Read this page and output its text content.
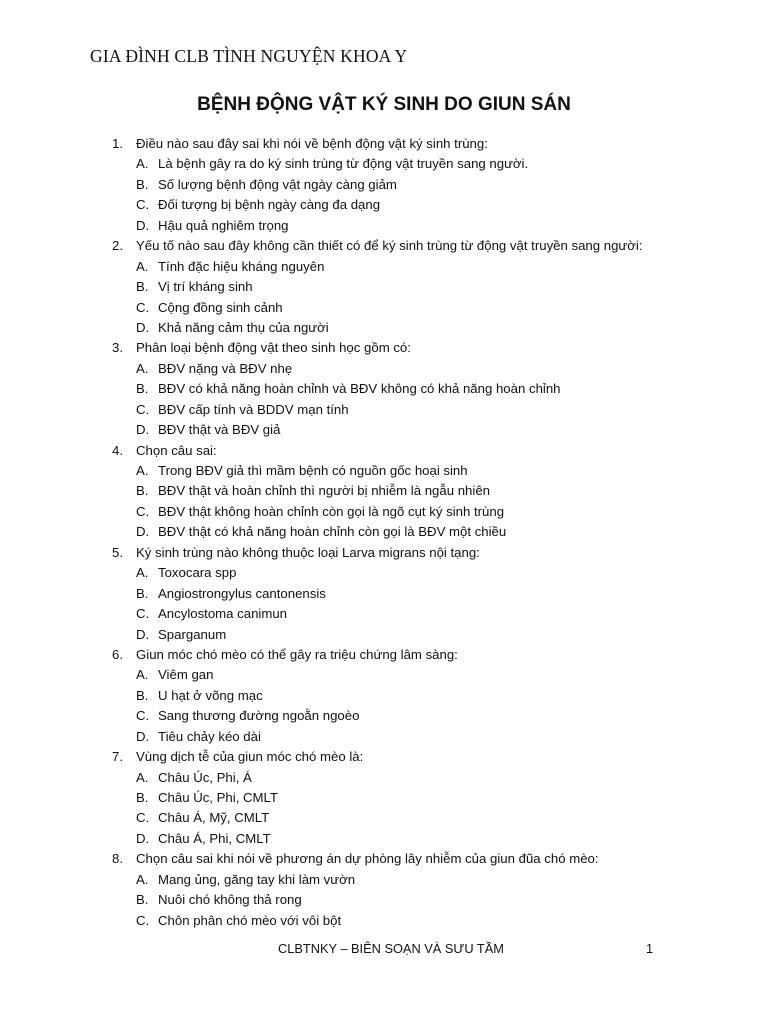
GIA ĐÌNH CLB TÌNH NGUYỆN KHOA Y
BỆNH ĐỘNG VẬT KÝ SINH DO GIUN SÁN
1. Điều nào sau đây sai khi nói về bệnh động vật ký sinh trùng:
A. Là bệnh gây ra do ký sinh trùng từ động vật truyền sang người.
B. Số lượng bệnh động vật ngày càng giảm
C. Đối tượng bị bệnh ngày càng đa dạng
D. Hậu quả nghiêm trọng
2. Yếu tố nào sau đây không cần thiết có để ký sinh trùng từ động vật truyền sang người:
A. Tính đặc hiệu kháng nguyên
B. Vị trí kháng sinh
C. Cộng đồng sinh cảnh
D. Khả năng cảm thụ của người
3. Phân loại bệnh động vật theo sinh học gồm có:
A. BĐV nặng và BĐV nhẹ
B. BĐV có khả năng hoàn chỉnh và BĐV không có khả năng hoàn chỉnh
C. BĐV cấp tính và BDDV mạn tính
D. BĐV thật và BĐV giả
4. Chọn câu sai:
A. Trong BĐV giả thì mầm bệnh có nguồn gốc hoại sinh
B. BĐV thật và hoàn chỉnh thì người bị nhiễm là ngẫu nhiên
C. BĐV thật không hoàn chỉnh còn gọi là ngõ cụt ký sinh trùng
D. BĐV thật có khả năng hoàn chỉnh còn gọi là BĐV một chiều
5. Ký sinh trùng nào không thuộc loại Larva migrans nội tạng:
A. Toxocara spp
B. Angiostrongylus cantonensis
C. Ancylostoma canimun
D. Sparganum
6. Giun móc chó mèo có thể gây ra triệu chứng lâm sàng:
A. Viêm gan
B. U hạt ở võng mạc
C. Sang thương đường ngoằn ngoèo
D. Tiêu chảy kéo dài
7. Vùng dịch tễ của giun móc chó mèo là:
A. Châu Úc, Phi, Á
B. Châu Úc, Phi, CMLT
C. Châu Á, Mỹ, CMLT
D. Châu Á, Phi, CMLT
8. Chọn câu sai khi nói về phương án dự phòng lây nhiễm của giun đũa chó mèo:
A. Mang ủng, găng tay khi làm vườn
B. Nuôi chó không thả rong
C. Chôn phân chó mèo với vôi bột
CLBTNKY – BIÊN SOẠN VÀ SƯU TẦM	1
